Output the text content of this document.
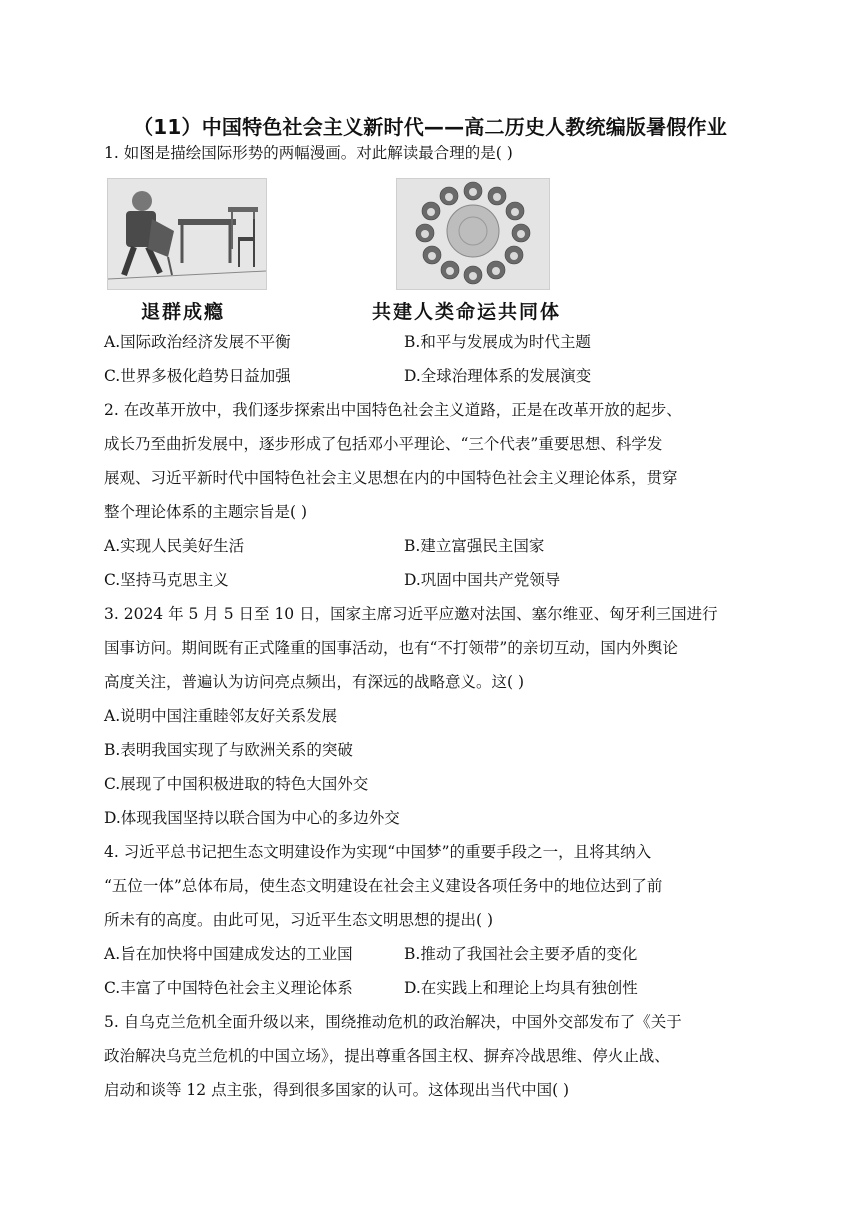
（11）中国特色社会主义新时代——高二历史人教统编版暑假作业
1. 如图是描绘国际形势的两幅漫画。对此解读最合理的是( )
退群成瘾	共建人类命运共同体
A.国际政治经济发展不平衡	B.和平与发展成为时代主题
C.世界多极化趋势日益加强	D.全球治理体系的发展演变
2. 在改革开放中，我们逐步探索出中国特色社会主义道路，正是在改革开放的起步、
成长乃至曲折发展中，逐步形成了包括邓小平理论、“三个代表”重要思想、科学发
展观、习近平新时代中国特色社会主义思想在内的中国特色社会主义理论体系，贯穿
整个理论体系的主题宗旨是( )
A.实现人民美好生活	B.建立富强民主国家
C.坚持马克思主义	D.巩固中国共产党领导
3. 2024 年 5 月 5 日至 10 日，国家主席习近平应邀对法国、塞尔维亚、匈牙利三国进行
国事访问。期间既有正式隆重的国事活动，也有“不打领带”的亲切互动，国内外舆论
高度关注，普遍认为访问亮点频出，有深远的战略意义。这( )
A.说明中国注重睦邻友好关系发展
B.表明我国实现了与欧洲关系的突破
C.展现了中国积极进取的特色大国外交
D.体现我国坚持以联合国为中心的多边外交
4. 习近平总书记把生态文明建设作为实现“中国梦”的重要手段之一，且将其纳入
“五位一体”总体布局，使生态文明建设在社会主义建设各项任务中的地位达到了前
所未有的高度。由此可见，习近平生态文明思想的提出( )
A.旨在加快将中国建成发达的工业国	B.推动了我国社会主要矛盾的变化
C.丰富了中国特色社会主义理论体系	D.在实践上和理论上均具有独创性
5. 自乌克兰危机全面升级以来，围绕推动危机的政治解决，中国外交部发布了《关于
政治解决乌克兰危机的中国立场》，提出尊重各国主权、摒弃冷战思维、停火止战、
启动和谈等 12 点主张，得到很多国家的认可。这体现出当代中国( )
